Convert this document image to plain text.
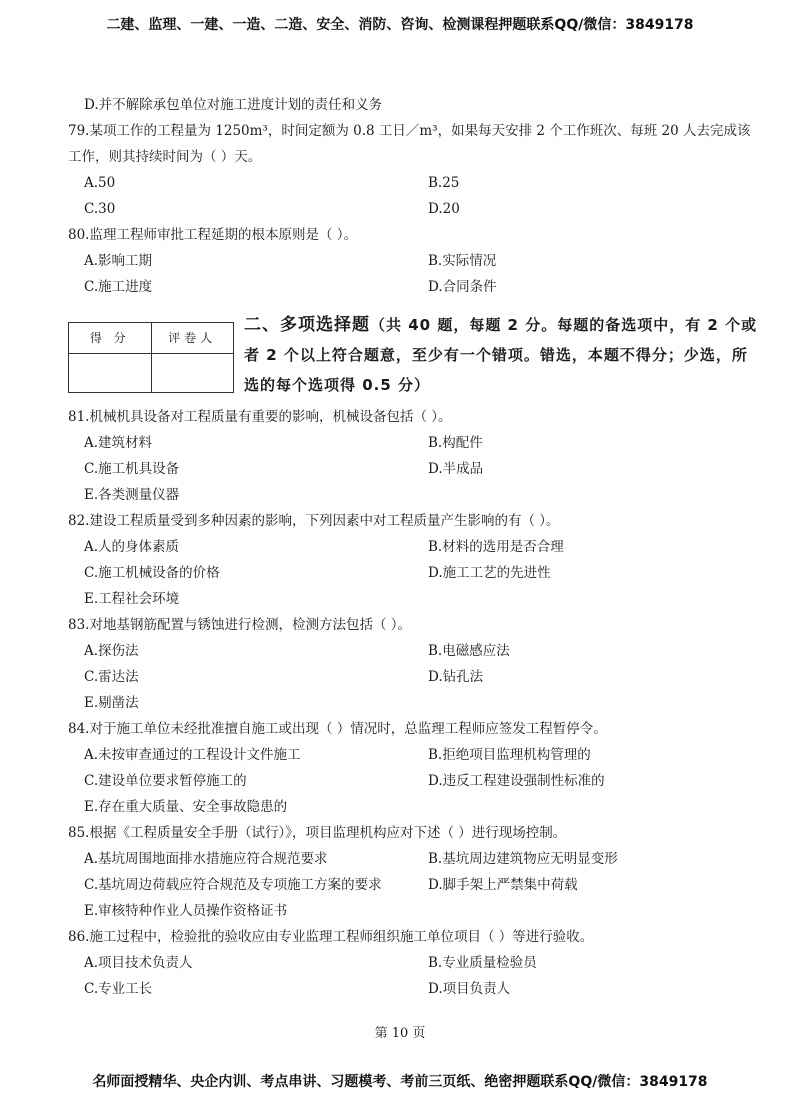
二建、监理、一建、一造、二造、安全、消防、咨询、检测课程押题联系QQ/微信：3849178

D.并不解除承包单位对施工进度计划的责任和义务

79.某项工作的工程量为 1250m³，时间定额为 0.8 工日／m³，如果每天安排 2 个工作班次、每班 20 人去完成该工作，则其持续时间为（ ）天。

A.50	B.25
C.30	D.20

80.监理工程师审批工程延期的根本原则是（ ）。

A.影响工期	B.实际情况
C.施工进度	D.合同条件
得 分	评卷人

二、多项选择题（共 40 题，每题 2 分。每题的备选项中，有 2 个或者 2 个以上符合题意，至少有一个错项。错选，本题不得分；少选，所选的每个选项得 0.5 分）

81.机械机具设备对工程质量有重要的影响，机械设备包括（ ）。

A.建筑材料	B.构配件
C.施工机具设备	D.半成品
E.各类测量仪器

82.建设工程质量受到多种因素的影响，下列因素中对工程质量产生影响的有（ ）。

A.人的身体素质	B.材料的选用是否合理
C.施工机械设备的价格	D.施工工艺的先进性
E.工程社会环境

83.对地基钢筋配置与锈蚀进行检测，检测方法包括（ ）。

A.探伤法	B.电磁感应法
C.雷达法	D.钻孔法
E.剔凿法

84.对于施工单位未经批准擅自施工或出现（ ）情况时，总监理工程师应签发工程暂停令。

A.未按审查通过的工程设计文件施工	B.拒绝项目监理机构管理的
C.建设单位要求暂停施工的	D.违反工程建设强制性标准的
E.存在重大质量、安全事故隐患的

85.根据《工程质量安全手册（试行）》，项目监理机构应对下述（ ）进行现场控制。

A.基坑周围地面排水措施应符合规范要求	B.基坑周边建筑物应无明显变形
C.基坑周边荷载应符合规范及专项施工方案的要求	D.脚手架上严禁集中荷载
E.审核特种作业人员操作资格证书

86.施工过程中，检验批的验收应由专业监理工程师组织施工单位项目（ ）等进行验收。

A.项目技术负责人	B.专业质量检验员
C.专业工长	D.项目负责人
第 10 页
名师面授精华、央企内训、考点串讲、习题模考、考前三页纸、绝密押题联系QQ/微信：3849178
